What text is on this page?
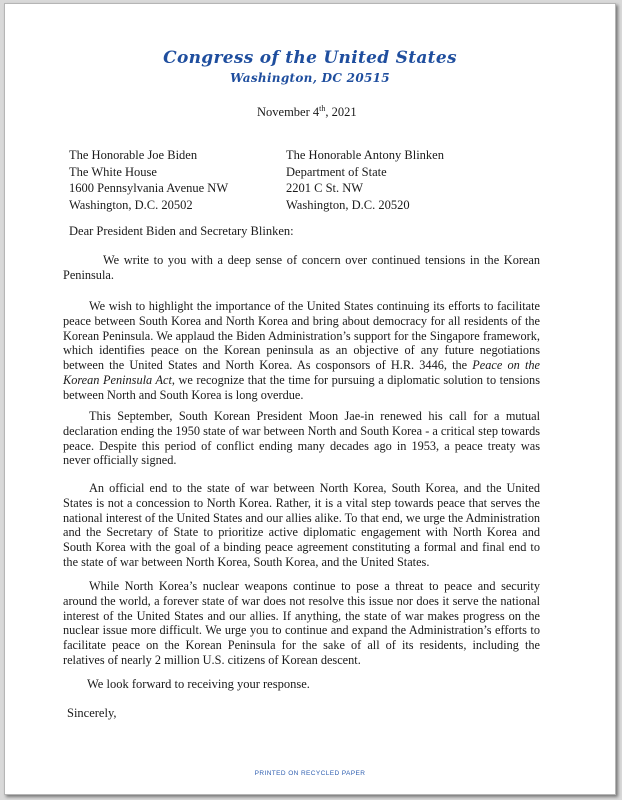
Congress of the United States
Washington, DC 20515
November 4th, 2021
The Honorable Joe Biden
The White House
1600 Pennsylvania Avenue NW
Washington, D.C. 20502
The Honorable Antony Blinken
Department of State
2201 C St. NW
Washington, D.C. 20520
Dear President Biden and Secretary Blinken:
We write to you with a deep sense of concern over continued tensions in the Korean Peninsula.
We wish to highlight the importance of the United States continuing its efforts to facilitate peace between South Korea and North Korea and bring about democracy for all residents of the Korean Peninsula. We applaud the Biden Administration’s support for the Singapore framework, which identifies peace on the Korean peninsula as an objective of any future negotiations between the United States and North Korea. As cosponsors of H.R. 3446, the Peace on the Korean Peninsula Act, we recognize that the time for pursuing a diplomatic solution to tensions between North and South Korea is long overdue.
This September, South Korean President Moon Jae-in renewed his call for a mutual declaration ending the 1950 state of war between North and South Korea - a critical step towards peace. Despite this period of conflict ending many decades ago in 1953, a peace treaty was never officially signed.
An official end to the state of war between North Korea, South Korea, and the United States is not a concession to North Korea. Rather, it is a vital step towards peace that serves the national interest of the United States and our allies alike. To that end, we urge the Administration and the Secretary of State to prioritize active diplomatic engagement with North Korea and South Korea with the goal of a binding peace agreement constituting a formal and final end to the state of war between North Korea, South Korea, and the United States.
While North Korea’s nuclear weapons continue to pose a threat to peace and security around the world, a forever state of war does not resolve this issue nor does it serve the national interest of the United States and our allies. If anything, the state of war makes progress on the nuclear issue more difficult. We urge you to continue and expand the Administration’s efforts to facilitate peace on the Korean Peninsula for the sake of all of its residents, including the relatives of nearly 2 million U.S. citizens of Korean descent.
We look forward to receiving your response.
Sincerely,
PRINTED ON RECYCLED PAPER
